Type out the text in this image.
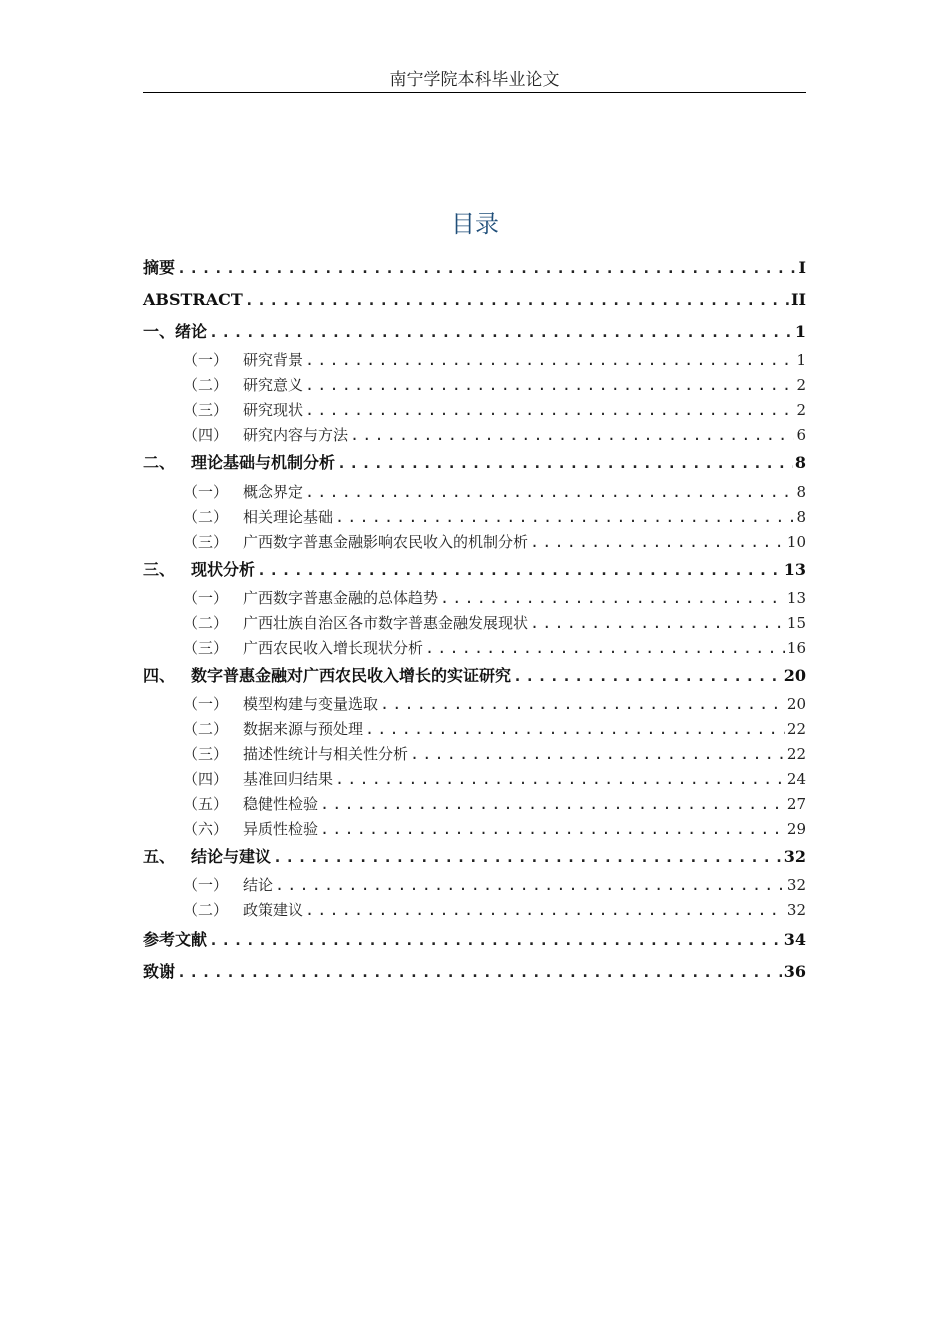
南宁学院本科毕业论文
目录
摘要 .....	I
ABSTRACT .....	II
一、 绪论 .....	1
（一） 研究背景 .....	1
（二） 研究意义 .....	2
（三） 研究现状 .....	2
（四） 研究内容与方法 .....	6
二、 理论基础与机制分析 .....	8
（一） 概念界定 .....	8
（二） 相关理论基础 .....	8
（三） 广西数字普惠金融影响农民收入的机制分析 .....	10
三、 现状分析 .....	13
（一） 广西数字普惠金融的总体趋势 .....	13
（二） 广西壮族自治区各市数字普惠金融发展现状 .....	15
（三） 广西农民收入增长现状分析 .....	16
四、 数字普惠金融对广西农民收入增长的实证研究 .....	20
（一） 模型构建与变量选取 .....	20
（二） 数据来源与预处理 .....	22
（三） 描述性统计与相关性分析 .....	22
（四） 基准回归结果 .....	24
（五） 稳健性检验 .....	27
（六） 异质性检验 .....	29
五、 结论与建议 .....	32
（一） 结论 .....	32
（二） 政策建议 .....	32
参考文献 .....	34
致谢 .....	36
